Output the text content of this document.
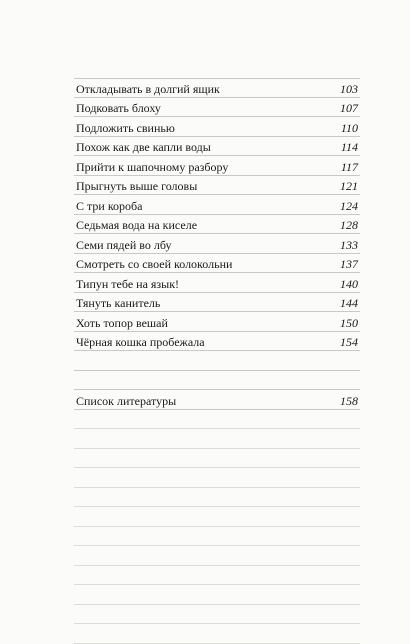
Откладывать в долгий ящик	103
Подковать блоху	107
Подложить свинью	110
Похож как две капли воды	114
Прийти к шапочному разбору	117
Прыгнуть выше головы	121
С три короба	124
Седьмая вода на киселе	128
Семи пядей во лбу	133
Смотреть со своей колокольни	137
Типун тебе на язык!	140
Тянуть канитель	144
Хоть топор вешай	150
Чёрная кошка пробежала	154
Список литературы	158
